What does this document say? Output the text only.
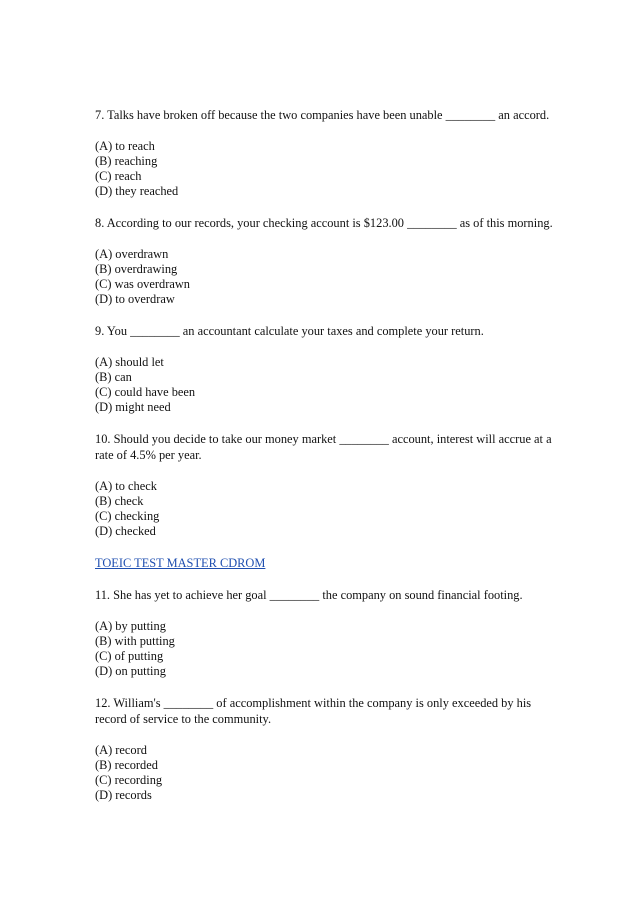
7. Talks have broken off because the two companies have been unable ________ an accord.

(A) to reach
(B) reaching
(C) reach
(D) they reached

8. According to our records, your checking account is $123.00 ________ as of this morning.

(A) overdrawn
(B) overdrawing
(C) was overdrawn
(D) to overdraw

9. You ________ an accountant calculate your taxes and complete your return.

(A) should let
(B) can
(C) could have been
(D) might need

10. Should you decide to take our money market ________ account, interest will accrue at a rate of 4.5% per year.

(A) to check
(B) check
(C) checking
(D) checked

TOEIC TEST MASTER CDROM

11. She has yet to achieve her goal ________ the company on sound financial footing.

(A) by putting
(B) with putting
(C) of putting
(D) on putting

12. William's ________ of accomplishment within the company is only exceeded by his record of service to the community.

(A) record
(B) recorded
(C) recording
(D) records
